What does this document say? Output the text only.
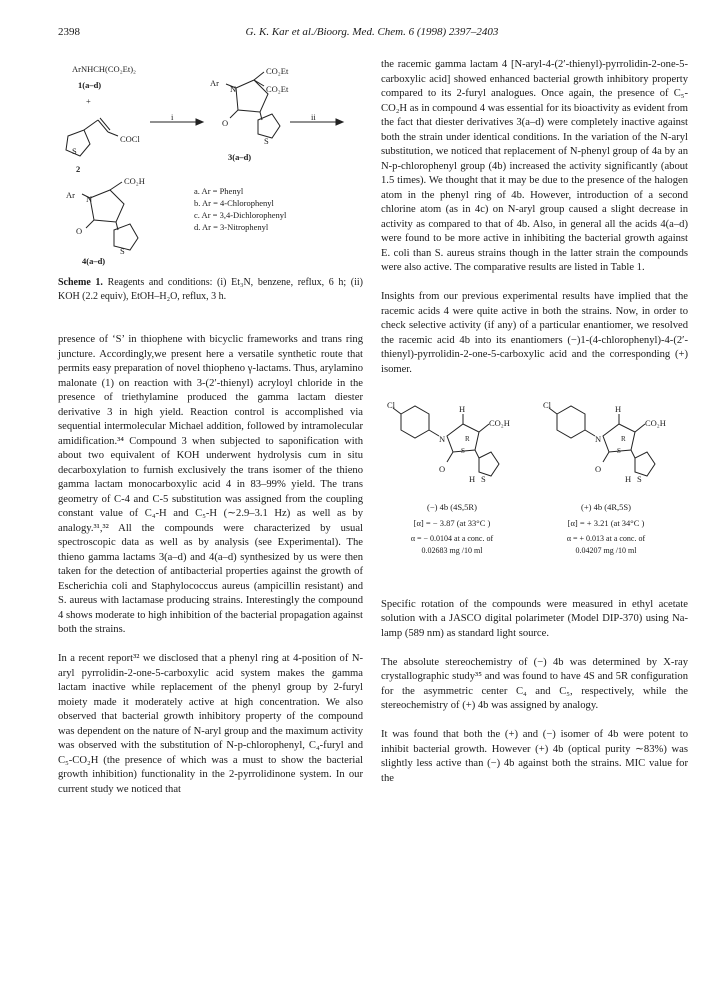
2398	G. K. Kar et al./Bioorg. Med. Chem. 6 (1998) 2397–2403
ArNHCH(CO₂Et)₂
1(a–d)
+
S
COCl
2
i	ii
Ar
N
O
S
CO₂Et
CO₂Et
3(a–d)
Ar N
O
S
CO₂H
4(a–d)
a. Ar = Phenyl
b. Ar = 4-Chlorophenyl
c. Ar = 3,4-Dichlorophenyl
d. Ar = 3-Nitrophenyl

Scheme 1. Reagents and conditions: (i) Et₃N, benzene, reflux, 6 h; (ii) KOH (2.2 equiv), EtOH–H₂O, reflux, 3 h.

presence of ‘S’ in thiophene with bicyclic frameworks and trans ring juncture. Accordingly,we present here a versatile synthetic route that permits easy preparation of novel thiopheno γ-lactams. Thus, arylamino malonate (1) on reaction with 3-(2′-thienyl) acryloyl chloride in the presence of triethylamine produced the gamma lactam diester derivative 3 in high yield. Reaction control is accomplished via sequential intermolecular Michael addition, followed by intramolecular amidification.³⁴ Compound 3 when subjected to saponification with about two equivalent of KOH underwent hydrolysis cum in situ decarboxylation to furnish exclusively the trans isomer of the thieno gamma lactam monocarboxylic acid 4 in 83–99% yield. The trans geometry of C-4 and C-5 substitution was assigned from the coupling constant value of C₄-H and C₅-H (∼2.9–3.1 Hz) as well as by analogy.³¹,³² All the compounds were characterized by usual spectroscopic data as well as by analysis (see Experimental). The thieno gamma lactams 3(a–d) and 4(a–d) synthesized by us were then taken for the detection of antibacterial properties against the growth of Escherichia coli and Staphylococcus aureus (ampicillin resistant) and S. aureus with lactamase producing strains. Interestingly the compound 4 shows moderate to high inhibition of the bacterial propagation against both the strains.

In a recent report³² we disclosed that a phenyl ring at 4-position of N-aryl pyrrolidin-2-one-5-carboxylic acid system makes the gamma lactam inactive while replacement of the phenyl group by 2-furyl moiety made it moderately active at high concentration. We also observed that bacterial growth inhibitory property of the compound was dependent on the nature of N-aryl group and the maximum activity was observed with the substitution of N-p-chlorophenyl, C₄-furyl and C₅-CO₂H (the presence of which was a must to show the bacterial growth inhibition) functionality in the 2-pyrrolidinone system. In our current study we noticed that

the racemic gamma lactam 4 [N-aryl-4-(2′-thienyl)-pyrrolidin-2-one-5-carboxylic acid] showed enhanced bacterial growth inhibitory property compared to its 2-furyl analogues. Once again, the presence of C₅-CO₂H as in compound 4 was essential for its bioactivity as evident from the fact that diester derivatives 3(a–d) were completely inactive against both the strain under identical conditions. In the variation of the N-aryl substitution, we noticed that replacement of N-phenyl group of 4a by an N-p-chlorophenyl group (4b) increased the activity significantly (about 1.5 times). We thought that it may be due to the presence of the halogen atom in the phenyl ring of 4b. However, introduction of a second chlorine atom (as in 4c) on N-aryl group caused a slight decrease in activity as compared to that of 4b. Also, in general all the acids 4(a–d) were found to be more active in inhibiting the bacterial growth against E. coli than S. aureus strains though in the latter strain the compounds were also active. The comparative results are listed in Table 1.

Insights from our previous experimental results have implied that the racemic acids 4 were quite active in both the strains. Now, in order to check selective activity (if any) of a particular enantiomer, we resolved the racemic acid 4b into its enantiomers (−)1-(4-chlorophenyl)-4-(2′-thienyl)-pyrrolidin-2-one-5-carboxylic acid and the corresponding (+) isomer.

Cl
N
O
H
H S
R
S
CO₂H
(−) 4b (4S,5R)
[α] = − 3.87 (at 33°C )
α = − 0.0104 at a conc. of
0.02683 mg /10 ml
Cl
N
O
H
H S
R
S
CO₂H
(+) 4b (4R,5S)
[α] = + 3.21 (at 34°C )
α = + 0.013 at a conc. of
0.04207 mg /10 ml

Specific rotation of the compounds were measured in ethyl acetate solution with a JASCO digital polarimeter (Model DIP-370) using Na-lamp (589 nm) as standard light source.

The absolute stereochemistry of (−) 4b was determined by X-ray crystallographic study³⁵ and was found to have 4S and 5R configuration for the asymmetric center C₄ and C₅, respectively, while the stereochemistry of (+) 4b was assigned by analogy.

It was found that both the (+) and (−) isomer of 4b were potent to inhibit bacterial growth. However (+) 4b (optical purity ∼83%) was slightly less active than (−) 4b against both the strains. MIC value for the
